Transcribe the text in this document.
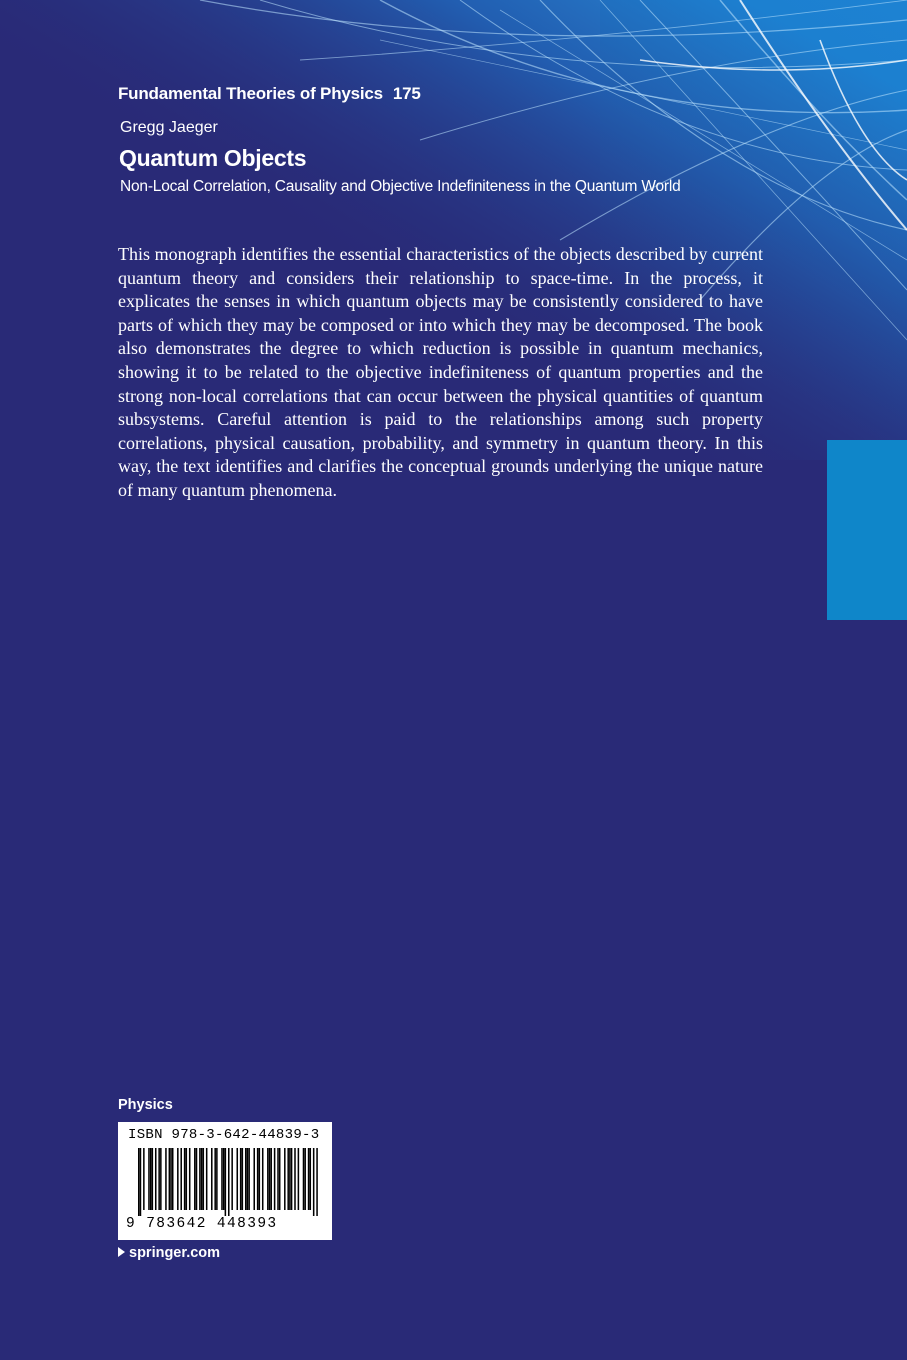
Fundamental Theories of Physics 175
Gregg Jaeger
Quantum Objects
Non-Local Correlation, Causality and Objective Indefiniteness in the Quantum World

This monograph identifies the essential characteristics of the objects described by current quantum theory and considers their relationship to space-time. In the process, it explicates the senses in which quantum objects may be consistently considered to have parts of which they may be composed or into which they may be decomposed. The book also demonstrates the degree to which reduction is possible in quantum mechanics, showing it to be related to the objective indefiniteness of quantum properties and the strong non-local correlations that can occur between the physical quantities of quantum subsystems. Careful attention is paid to the relationships among such property correlations, physical causation, probability, and symmetry in quantum theory. In this way, the text identifies and clarifies the conceptual grounds underlying the unique nature of many quantum phenomena.

Physics
ISBN 978-3-642-44839-3
9 783642 448393
springer.com
